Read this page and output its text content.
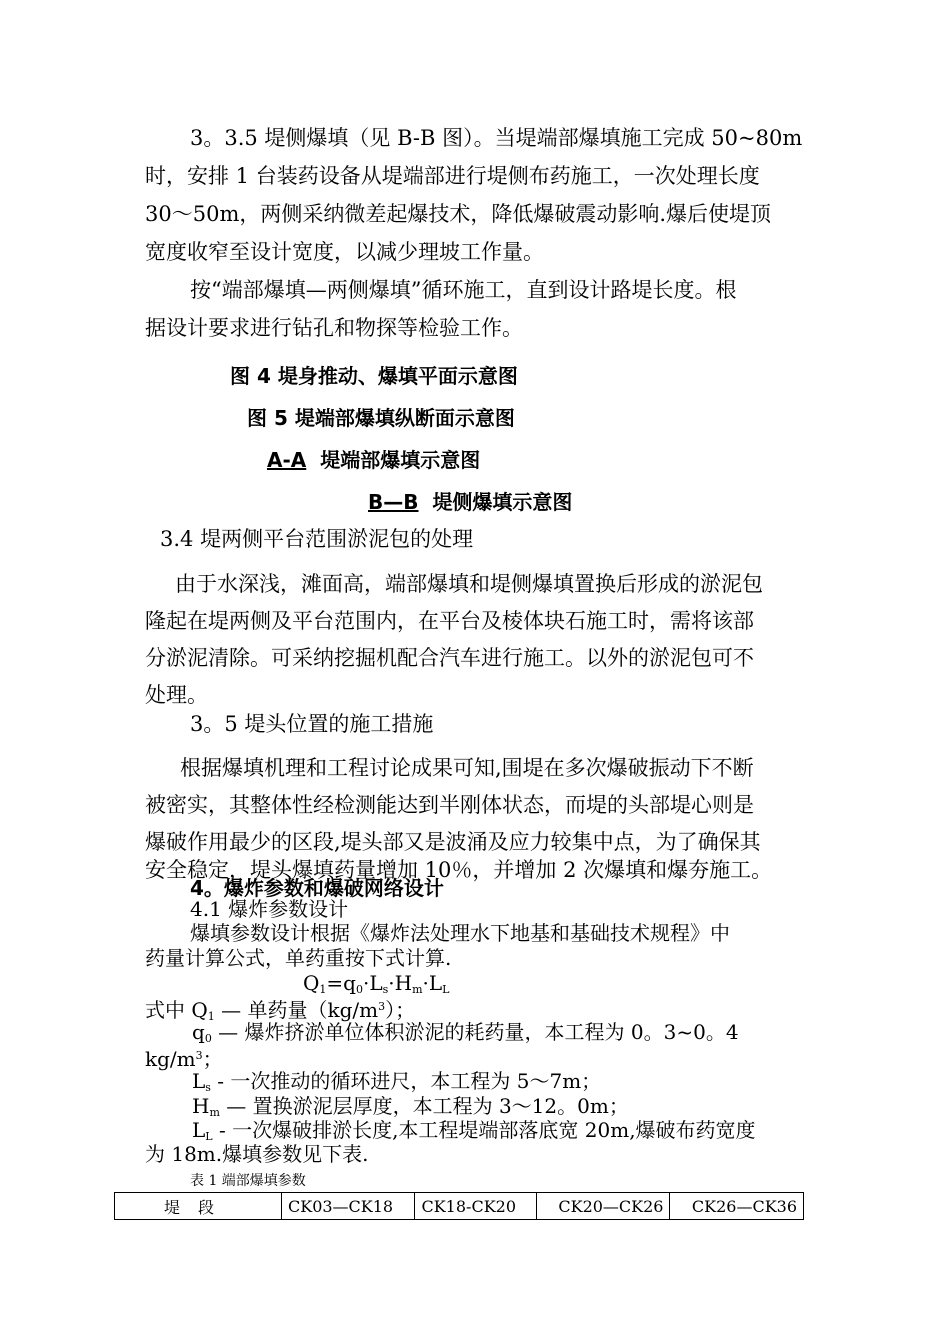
3。3.5 堤侧爆填（见 B-B 图）。当堤端部爆填施工完成 50~80m
时，安排 1 台装药设备从堤端部进行堤侧布药施工，一次处理长度
30～50m，两侧采纳微差起爆技术，降低爆破震动影响.爆后使堤顶
宽度收窄至设计宽度，以减少理坡工作量。
按“端部爆填—两侧爆填”循环施工，直到设计路堤长度。根
据设计要求进行钻孔和物探等检验工作。
图 4 堤身推动、爆填平面示意图
图 5 堤端部爆填纵断面示意图
A-A 堤端部爆填示意图
B—B 堤侧爆填示意图
3.4 堤两侧平台范围淤泥包的处理
由于水深浅，滩面高，端部爆填和堤侧爆填置换后形成的淤泥包
隆起在堤两侧及平台范围内，在平台及棱体块石施工时，需将该部
分淤泥清除。可采纳挖掘机配合汽车进行施工。以外的淤泥包可不
处理。
3。5 堤头位置的施工措施
根据爆填机理和工程讨论成果可知,围堤在多次爆破振动下不断
被密实，其整体性经检测能达到半刚体状态，而堤的头部堤心则是
爆破作用最少的区段,堤头部又是波涌及应力较集中点，为了确保其
安全稳定，堤头爆填药量增加 10％，并增加 2 次爆填和爆夯施工。
4。爆炸参数和爆破网络设计
4.1 爆炸参数设计
爆填参数设计根据《爆炸法处理水下地基和基础技术规程》中
药量计算公式，单药重按下式计算.
$Q_1=q_0\cdot L_s\cdot H_m\cdot L_L$
式中 $Q_1$ — 单药量$(kg/m^3)$；
$q_0$ — 爆炸挤淤单位体积淤泥的耗药量，本工程为 0。3~0。4
$kg/m^3$；
$L_s$ - 一次推动的循环进尺，本工程为 5～7m；
$H_m$ — 置换淤泥层厚度，本工程为 3～12。0m；
$L_L$ - 一次爆破排淤长度,本工程堤端部落底宽 20m,爆破布药宽度
为 18m.爆填参数见下表.
表 1 端部爆填参数
堤段	CK03—CK18	CK18-CK20	CK20—CK26	CK26—CK36
